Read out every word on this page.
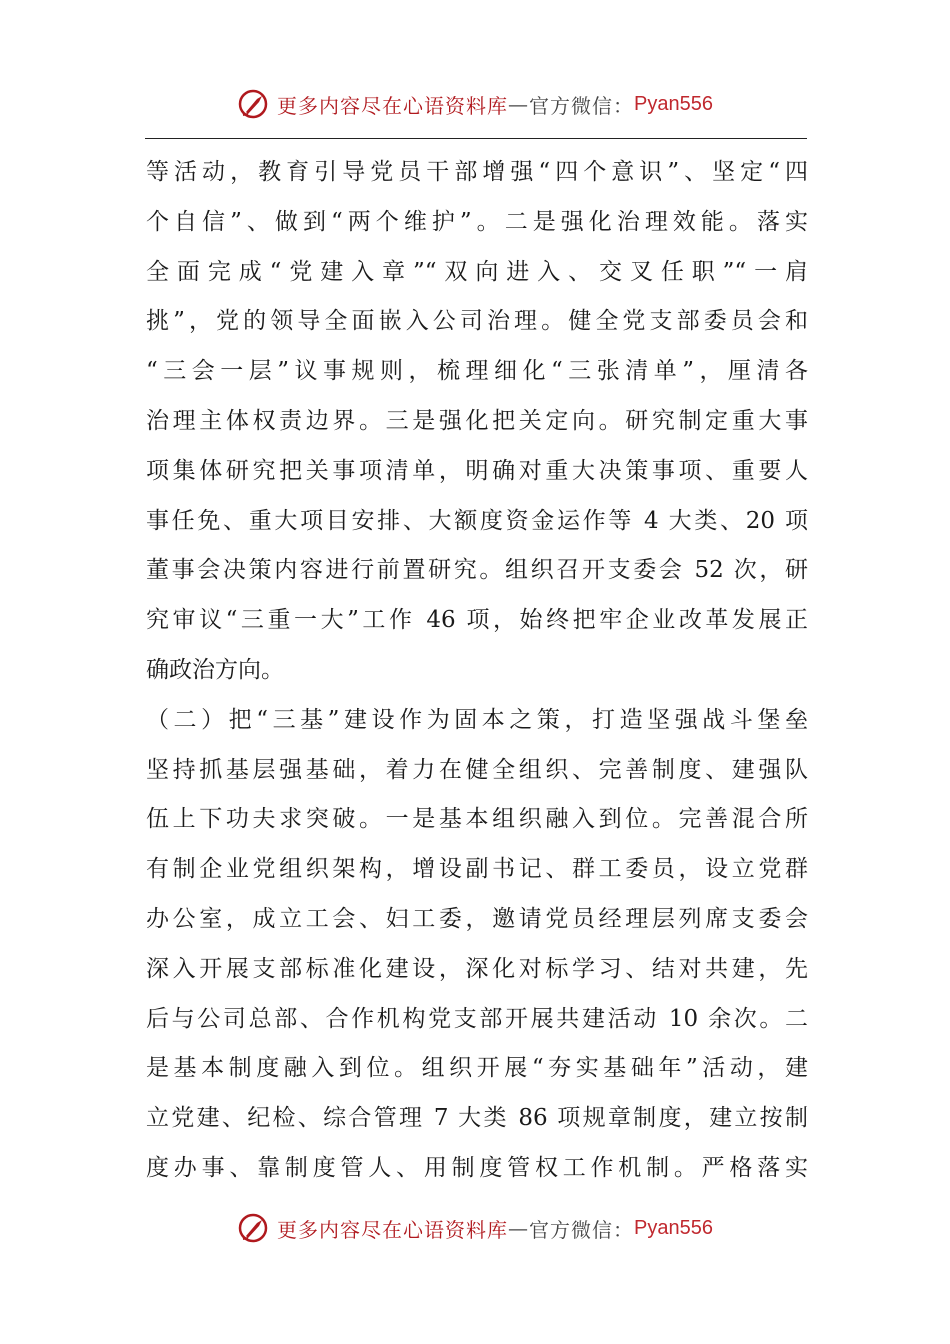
更多内容尽在心语资料库 — 官方微信： Pyan556
等活动，教育引导党员干部增强“四个意识”、坚定“四
个自信”、做到“两个维护”。二是强化治理效能。落实
全面完成“党建入章”“双向进入、交叉任职”“一肩
挑”，党的领导全面嵌入公司治理。健全党支部委员会和
“三会一层”议事规则，梳理细化“三张清单”，厘清各
治理主体权责边界。三是强化把关定向。研究制定重大事
项集体研究把关事项清单，明确对重大决策事项、重要人
事任免、重大项目安排、大额度资金运作等 4 大类、20 项
董事会决策内容进行前置研究。组织召开支委会 52 次，研
究审议“三重一大”工作 46 项，始终把牢企业改革发展正
确政治方向。
（二）把“三基”建设作为固本之策，打造坚强战斗堡垒
坚持抓基层强基础，着力在健全组织、完善制度、建强队
伍上下功夫求突破。一是基本组织融入到位。完善混合所
有制企业党组织架构，增设副书记、群工委员，设立党群
办公室，成立工会、妇工委，邀请党员经理层列席支委会
深入开展支部标准化建设，深化对标学习、结对共建，先
后与公司总部、合作机构党支部开展共建活动 10 余次。二
是基本制度融入到位。组织开展“夯实基础年”活动，建
立党建、纪检、综合管理 7 大类 86 项规章制度，建立按制
度办事、靠制度管人、用制度管权工作机制。严格落实
更多内容尽在心语资料库 — 官方微信： Pyan556
